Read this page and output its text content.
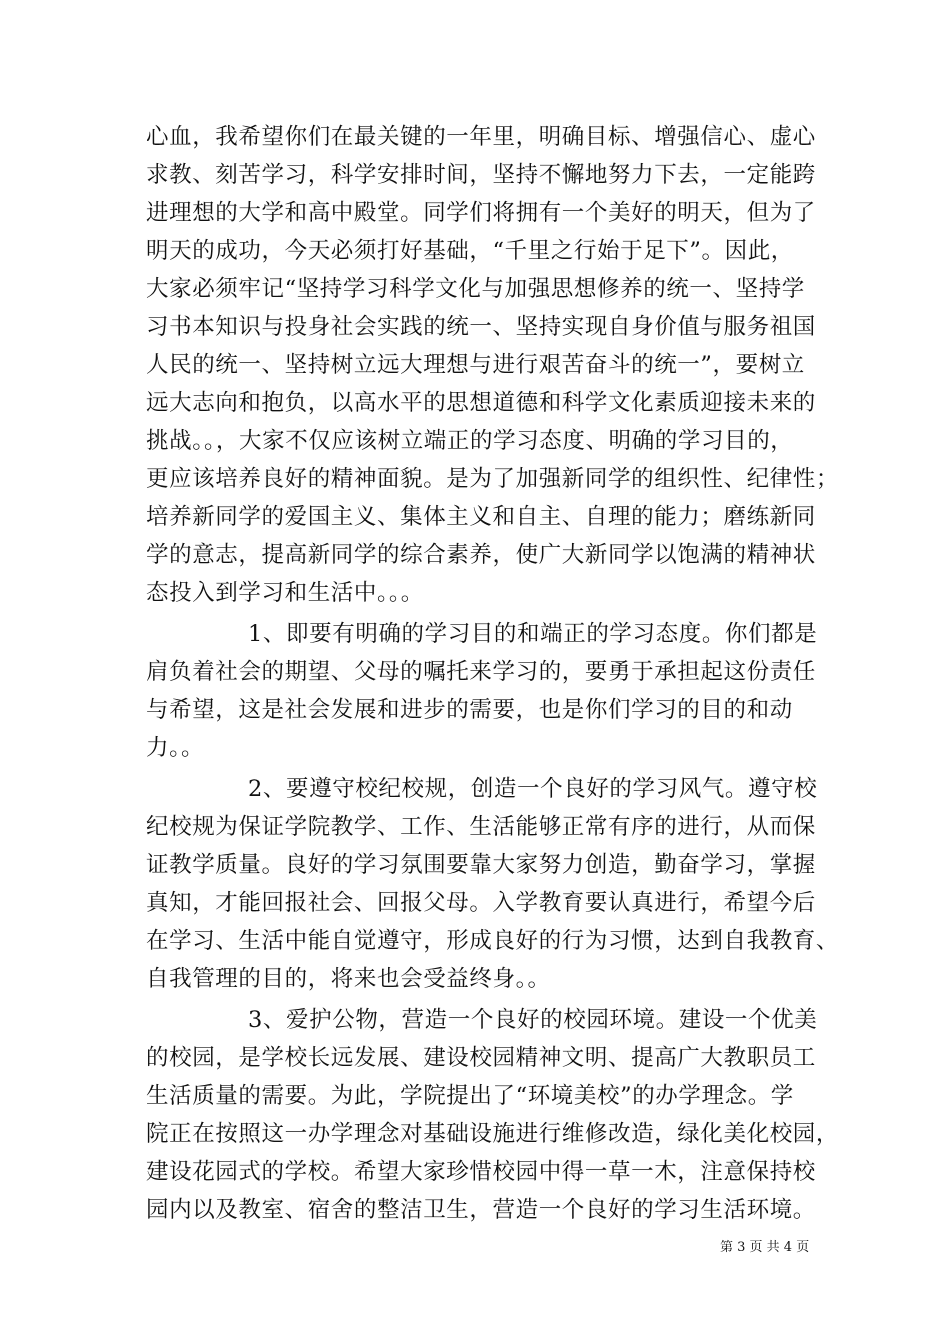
心血，我希望你们在最关键的一年里，明确目标、增强信心、虚心
求教、刻苦学习，科学安排时间，坚持不懈地努力下去，一定能跨
进理想的大学和高中殿堂。同学们将拥有一个美好的明天，但为了
明天的成功，今天必须打好基础，“千里之行始于足下”。因此，
大家必须牢记“坚持学习科学文化与加强思想修养的统一、坚持学
习书本知识与投身社会实践的统一、坚持实现自身价值与服务祖国
人民的统一、坚持树立远大理想与进行艰苦奋斗的统一”，要树立
远大志向和抱负，以高水平的思想道德和科学文化素质迎接未来的
挑战。。，大家不仅应该树立端正的学习态度、明确的学习目的，
更应该培养良好的精神面貌。是为了加强新同学的组织性、纪律性；
培养新同学的爱国主义、集体主义和自主、自理的能力；磨练新同
学的意志，提高新同学的综合素养，使广大新同学以饱满的精神状
态投入到学习和生活中。。。
1、即要有明确的学习目的和端正的学习态度。你们都是
肩负着社会的期望、父母的嘱托来学习的，要勇于承担起这份责任
与希望，这是社会发展和进步的需要，也是你们学习的目的和动
力。。
2、要遵守校纪校规，创造一个良好的学习风气。遵守校
纪校规为保证学院教学、工作、生活能够正常有序的进行，从而保
证教学质量。良好的学习氛围要靠大家努力创造，勤奋学习，掌握
真知，才能回报社会、回报父母。入学教育要认真进行，希望今后
在学习、生活中能自觉遵守，形成良好的行为习惯，达到自我教育、
自我管理的目的，将来也会受益终身。。
3、爱护公物，营造一个良好的校园环境。建设一个优美
的校园，是学校长远发展、建设校园精神文明、提高广大教职员工
生活质量的需要。为此，学院提出了“环境美校”的办学理念。学
院正在按照这一办学理念对基础设施进行维修改造，绿化美化校园，
建设花园式的学校。希望大家珍惜校园中得一草一木，注意保持校
园内以及教室、宿舍的整洁卫生，营造一个良好的学习生活环境。
第 3 页 共 4 页
